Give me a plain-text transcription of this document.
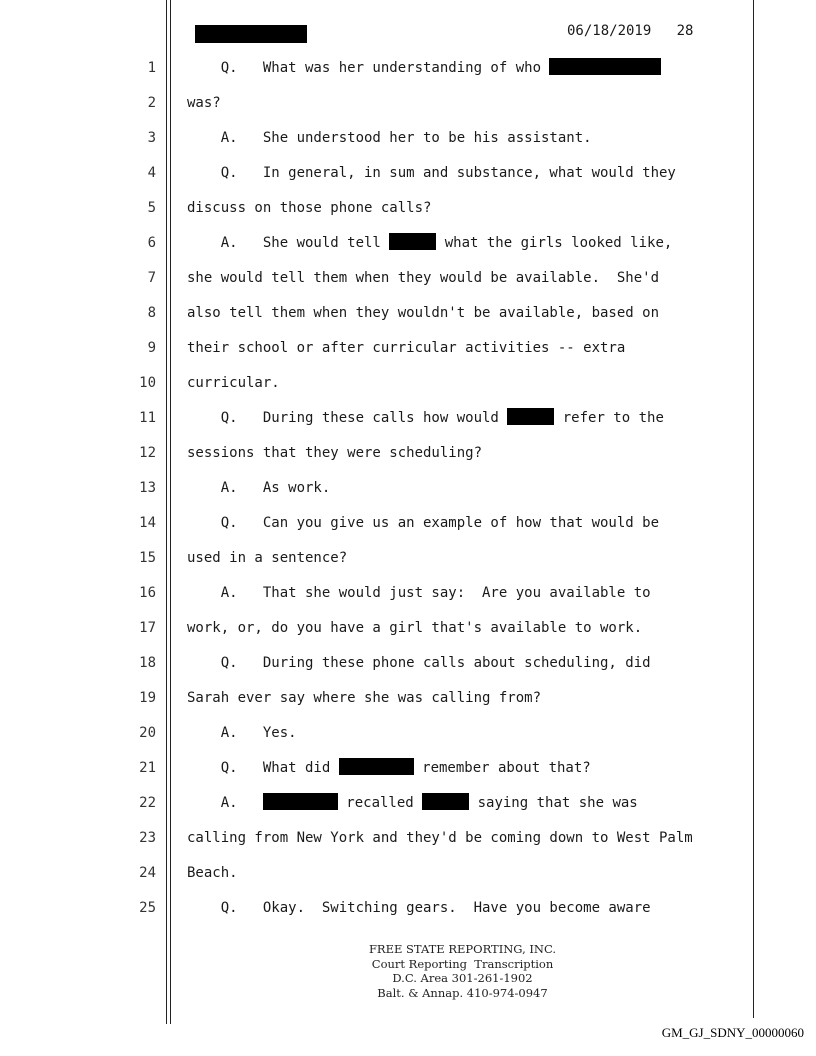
06/18/2019   28
1 Q.   What was her understanding of who
2 was?
3 A.   She understood her to be his assistant.
4 Q.   In general, in sum and substance, what would they
5 discuss on those phone calls?
6 A.   She would tell	what the girls looked like,
7 she would tell them when they would be available.  She'd
8 also tell them when they wouldn't be available, based on
9 their school or after curricular activities -- extra
10 curricular.
11 Q.   During these calls how would	refer to the
12 sessions that they were scheduling?
13 A.   As work.
14 Q.   Can you give us an example of how that would be
15 used in a sentence?
16 A.   That she would just say:  Are you available to
17 work, or, do you have a girl that's available to work.
18 Q.   During these phone calls about scheduling, did
19 Sarah ever say where she was calling from?
20 A.   Yes.
21 Q.   What did	remember about that?
22 A.	recalled	saying that she was
23 calling from New York and they'd be coming down to West Palm
24 Beach.
25 Q.   Okay.  Switching gears.  Have you become aware
FREE STATE REPORTING, INC.
Court Reporting  Transcription
D.C. Area 301-261-1902
Balt. & Annap. 410-974-0947
GM_GJ_SDNY_00000060
